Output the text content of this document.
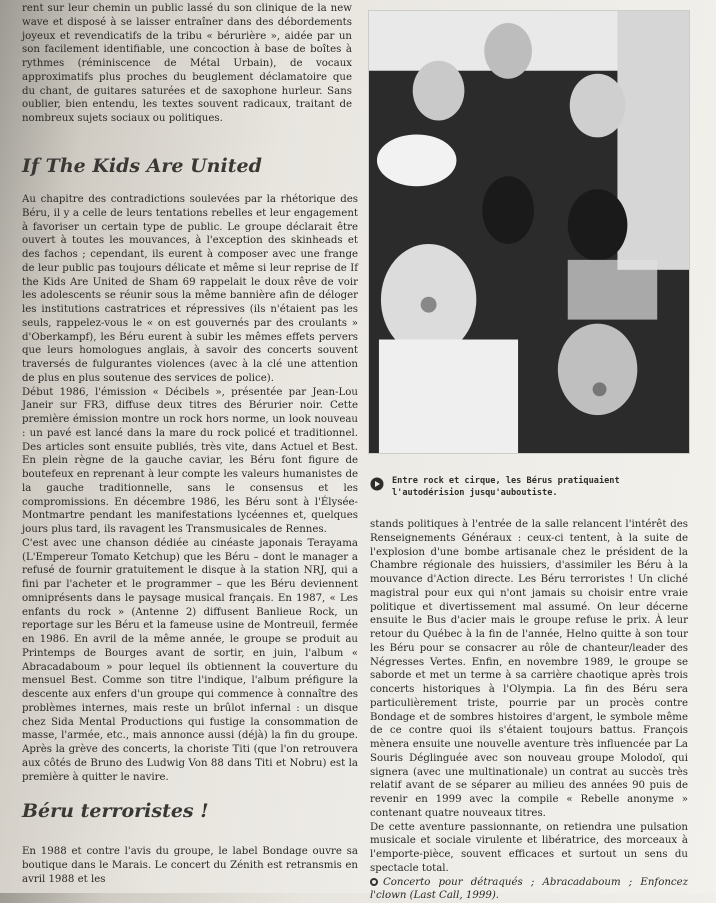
rent sur leur chemin un public lassé du son clinique de la new wave et disposé à se laisser entraîner dans des débordements joyeux et revendicatifs de la tribu « bérurière », aidée par un son facilement identifiable, une concoction à base de boîtes à rythmes (réminiscence de Métal Urbain), de vocaux approximatifs plus proches du beuglement déclamatoire que du chant, de guitares saturées et de saxophone hurleur. Sans oublier, bien entendu, les textes souvent radicaux, traitant de nombreux sujets sociaux ou politiques.

If The Kids Are United

Au chapitre des contradictions soulevées par la rhétorique des Béru, il y a celle de leurs tentations rebelles et leur engagement à favoriser un certain type de public. Le groupe déclarait être ouvert à toutes les mouvances, à l'exception des skinheads et des fachos ; cependant, ils eurent à composer avec une frange de leur public pas toujours délicate et même si leur reprise de If the Kids Are United de Sham 69 rappelait le doux rêve de voir les adolescents se réunir sous la même bannière afin de déloger les institutions castratrices et répressives (ils n'étaient pas les seuls, rappelez-vous le « on est gouvernés par des croulants » d'Oberkampf), les Béru eurent à subir les mêmes effets pervers que leurs homologues anglais, à savoir des concerts souvent traversés de fulgurantes violences (avec à la clé une attention de plus en plus soutenue des services de police).

Début 1986, l'émission « Décibels », présentée par Jean-Lou Janeir sur FR3, diffuse deux titres des Bérurier noir. Cette première émission montre un rock hors norme, un look nouveau : un pavé est lancé dans la mare du rock policé et traditionnel. Des articles sont ensuite publiés, très vite, dans Actuel et Best. En plein règne de la gauche caviar, les Béru font figure de boutefeux en reprenant à leur compte les valeurs humanistes de la gauche traditionnelle, sans le consensus et les compromissions. En décembre 1986, les Béru sont à l'Élysée-Montmartre pendant les manifestations lycéennes et, quelques jours plus tard, ils ravagent les Transmusicales de Rennes.

C'est avec une chanson dédiée au cinéaste japonais Terayama (L'Empereur Tomato Ketchup) que les Béru – dont le manager a refusé de fournir gratuitement le disque à la station NRJ, qui a fini par l'acheter et le programmer – que les Béru deviennent omniprésents dans le paysage musical français. En 1987, « Les enfants du rock » (Antenne 2) diffusent Banlieue Rock, un reportage sur les Béru et la fameuse usine de Montreuil, fermée en 1986. En avril de la même année, le groupe se produit au Printemps de Bourges avant de sortir, en juin, l'album « Abracadaboum » pour lequel ils obtiennent la couverture du mensuel Best. Comme son titre l'indique, l'album préfigure la descente aux enfers d'un groupe qui commence à connaître des problèmes internes, mais reste un brûlot infernal : un disque chez Sida Mental Productions qui fustige la consommation de masse, l'armée, etc., mais annonce aussi (déjà) la fin du groupe. Après la grève des concerts, la choriste Titi (que l'on retrouvera aux côtés de Bruno des Ludwig Von 88 dans Titi et Nobru) est la première à quitter le navire.

Béru terroristes !

En 1988 et contre l'avis du groupe, le label Bondage ouvre sa boutique dans le Marais. Le concert du Zénith est retransmis en avril 1988 et les

Entre rock et cirque, les Bérus pratiquaient l'autodérision jusqu'auboutiste.

stands politiques à l'entrée de la salle relancent l'intérêt des Renseignements Généraux : ceux-ci tentent, à la suite de l'explosion d'une bombe artisanale chez le président de la Chambre régionale des huissiers, d'assimiler les Béru à la mouvance d'Action directe. Les Béru terroristes ! Un cliché magistral pour eux qui n'ont jamais su choisir entre vraie politique et divertissement mal assumé. On leur décerne ensuite le Bus d'acier mais le groupe refuse le prix. À leur retour du Québec à la fin de l'année, Helno quitte à son tour les Béru pour se consacrer au rôle de chanteur/leader des Négresses Vertes. Enfin, en novembre 1989, le groupe se saborde et met un terme à sa carrière chaotique après trois concerts historiques à l'Olympia. La fin des Béru sera particulièrement triste, pourrie par un procès contre Bondage et de sombres histoires d'argent, le symbole même de ce contre quoi ils s'étaient toujours battus. François mènera ensuite une nouvelle aventure très influencée par La Souris Déglinguée avec son nouveau groupe Molodoï, qui signera (avec une multinationale) un contrat au succès très relatif avant de se séparer au milieu des années 90 puis de revenir en 1999 avec la compile « Rebelle anonyme » contenant quatre nouveaux titres.

De cette aventure passionnante, on retiendra une pulsation musicale et sociale virulente et libératrice, des morceaux à l'emporte-pièce, souvent efficaces et surtout un sens du spectacle total.

Concerto pour détraqués ; Abracadaboum ; Enfoncez l'clown (Last Call, 1999).
